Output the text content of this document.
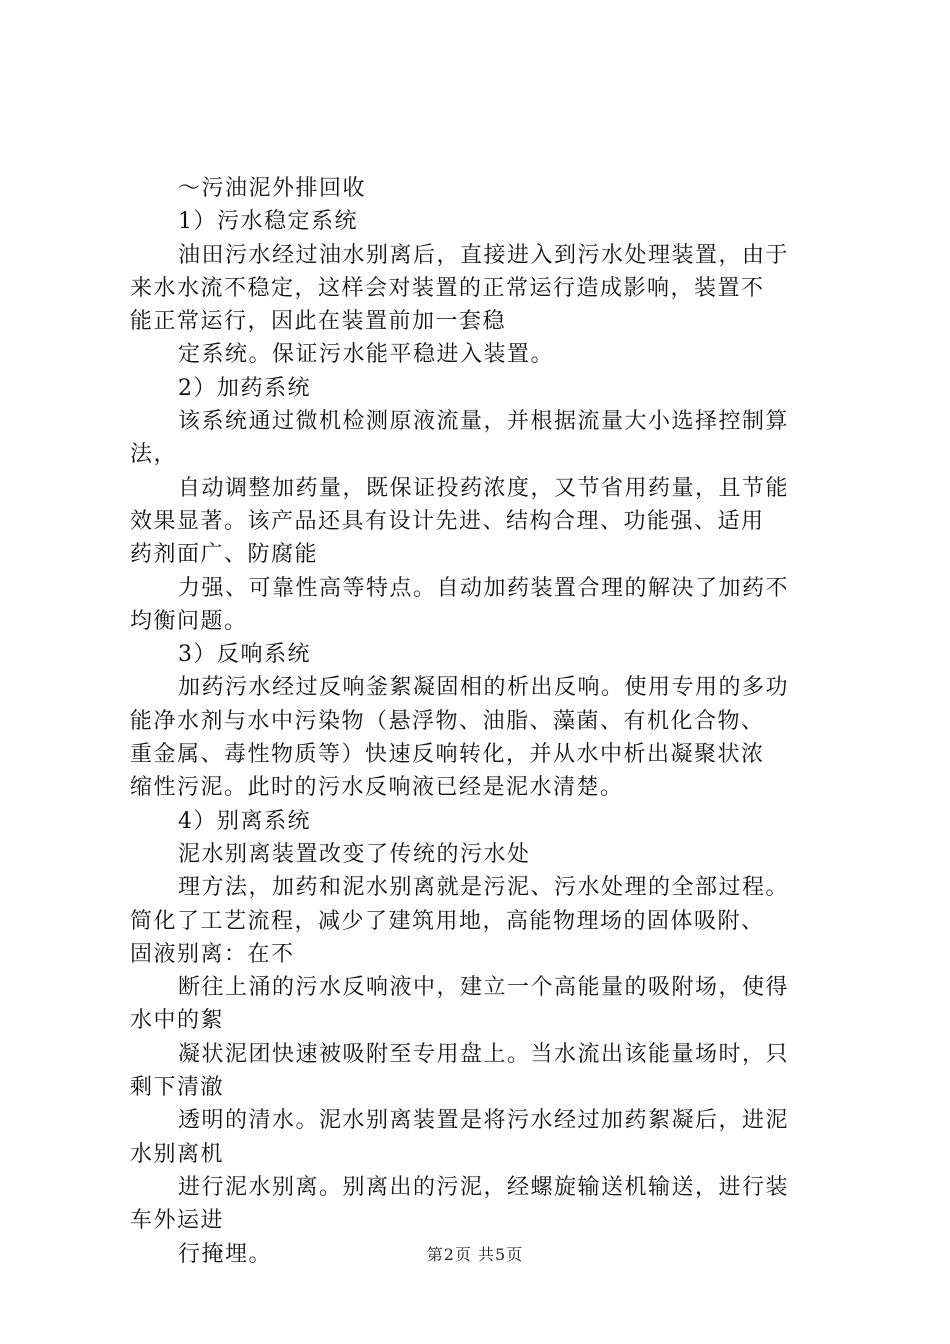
～污油泥外排回收

1）污水稳定系统

油田污水经过油水别离后，直接进入到污水处理装置，由于

来水水流不稳定，这样会对装置的正常运行造成影响，装置不

能正常运行，因此在装置前加一套稳

定系统。保证污水能平稳进入装置。

2）加药系统

该系统通过微机检测原液流量，并根据流量大小选择控制算

法，

自动调整加药量，既保证投药浓度，又节省用药量，且节能

效果显著。该产品还具有设计先进、结构合理、功能强、适用

药剂面广、防腐能

力强、可靠性高等特点。自动加药装置合理的解决了加药不

均衡问题。

3）反响系统

加药污水经过反响釜絮凝固相的析出反响。使用专用的多功

能净水剂与水中污染物（悬浮物、油脂、藻菌、有机化合物、

重金属、毒性物质等）快速反响转化，并从水中析出凝聚状浓

缩性污泥。此时的污水反响液已经是泥水清楚。

4）别离系统

泥水别离装置改变了传统的污水处

理方法，加药和泥水别离就是污泥、污水处理的全部过程。

简化了工艺流程，减少了建筑用地，高能物理场的固体吸附、

固液别离：在不

断往上涌的污水反响液中，建立一个高能量的吸附场，使得

水中的絮

凝状泥团快速被吸附至专用盘上。当水流出该能量场时，只

剩下清澈

透明的清水。泥水别离装置是将污水经过加药絮凝后，进泥

水别离机

进行泥水别离。别离出的污泥，经螺旋输送机输送，进行装

车外运进

行掩埋。	第2页 共5页
